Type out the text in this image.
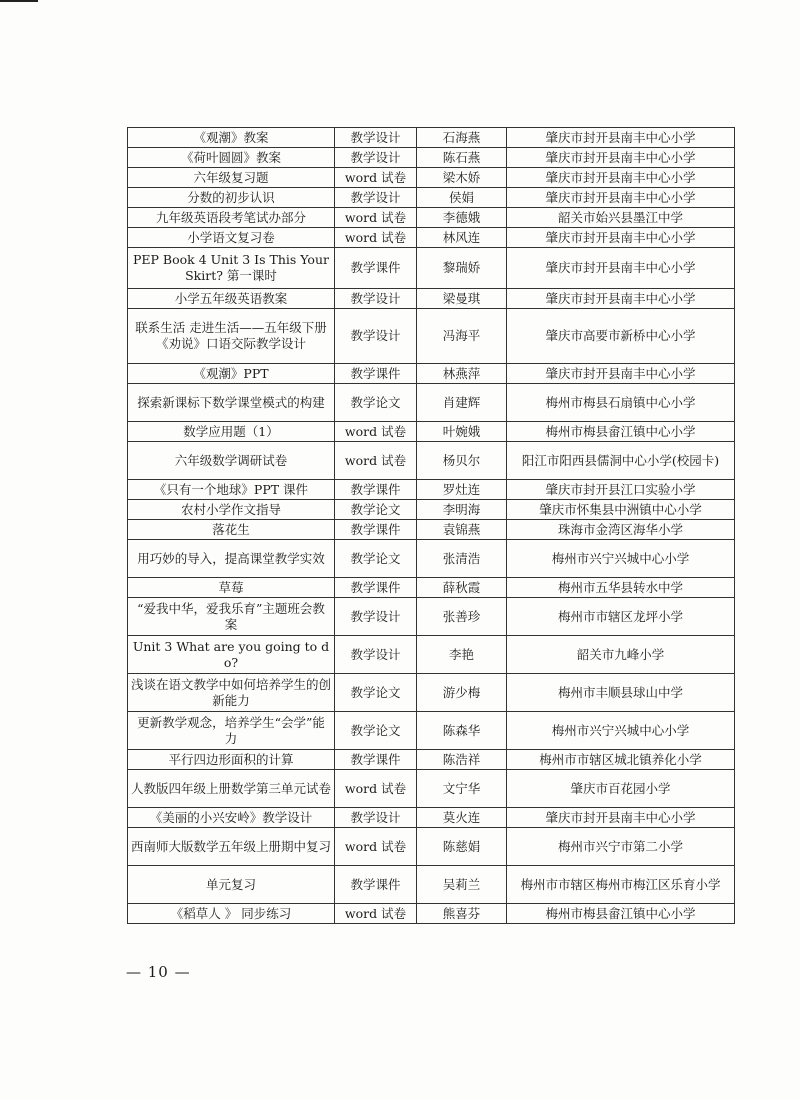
《观潮》教案	教学设计	石海燕	肇庆市封开县南丰中心小学
《荷叶圆圆》教案	教学设计	陈石燕	肇庆市封开县南丰中心小学
六年级复习题	word 试卷	梁木娇	肇庆市封开县南丰中心小学
分数的初步认识	教学设计	侯娟	肇庆市封开县南丰中心小学
九年级英语段考笔试办部分	word 试卷	李德娥	韶关市始兴县墨江中学
小学语文复习卷	word 试卷	林风连	肇庆市封开县南丰中心小学
PEP Book 4 Unit 3 Is This Your Skirt? 第一课时	教学课件	黎瑞娇	肇庆市封开县南丰中心小学
小学五年级英语教案	教学设计	梁曼琪	肇庆市封开县南丰中心小学
联系生活 走进生活——五年级下册《劝说》口语交际教学设计	教学设计	冯海平	肇庆市高要市新桥中心小学
《观潮》PPT	教学课件	林燕萍	肇庆市封开县南丰中心小学
探索新课标下数学课堂模式的构建	教学论文	肖建辉	梅州市梅县石扇镇中心小学
数学应用题（1）	word 试卷	叶婉娥	梅州市梅县畲江镇中心小学
六年级数学调研试卷	word 试卷	杨贝尔	阳江市阳西县儒洞中心小学(校园卡)
《只有一个地球》PPT 课件	教学课件	罗灶连	肇庆市封开县江口实验小学
农村小学作文指导	教学论文	李明海	肇庆市怀集县中洲镇中心小学
落花生	教学课件	袁锦燕	珠海市金湾区海华小学
用巧妙的导入，提高课堂教学实效	教学论文	张清浩	梅州市兴宁兴城中心小学
草莓	教学课件	薛秋霞	梅州市五华县转水中学
“爱我中华，爱我乐育”主题班会教案	教学设计	张善珍	梅州市市辖区龙坪小学
Unit 3 What are you going to do?	教学设计	李艳	韶关市九峰小学
浅谈在语文教学中如何培养学生的创新能力	教学论文	游少梅	梅州市丰顺县球山中学
更新教学观念，培养学生“会学”能力	教学论文	陈森华	梅州市兴宁兴城中心小学
平行四边形面积的计算	教学课件	陈浩祥	梅州市市辖区城北镇养化小学
人教版四年级上册数学第三单元试卷	word 试卷	文宁华	肇庆市百花园小学
《美丽的小兴安岭》教学设计	教学设计	莫火连	肇庆市封开县南丰中心小学
西南师大版数学五年级上册期中复习	word 试卷	陈慈娟	梅州市兴宁市第二小学
单元复习	教学课件	吴莉兰	梅州市市辖区梅州市梅江区乐育小学
《稻草人 》 同步练习	word 试卷	熊喜芬	梅州市梅县畲江镇中心小学
— 10 —
